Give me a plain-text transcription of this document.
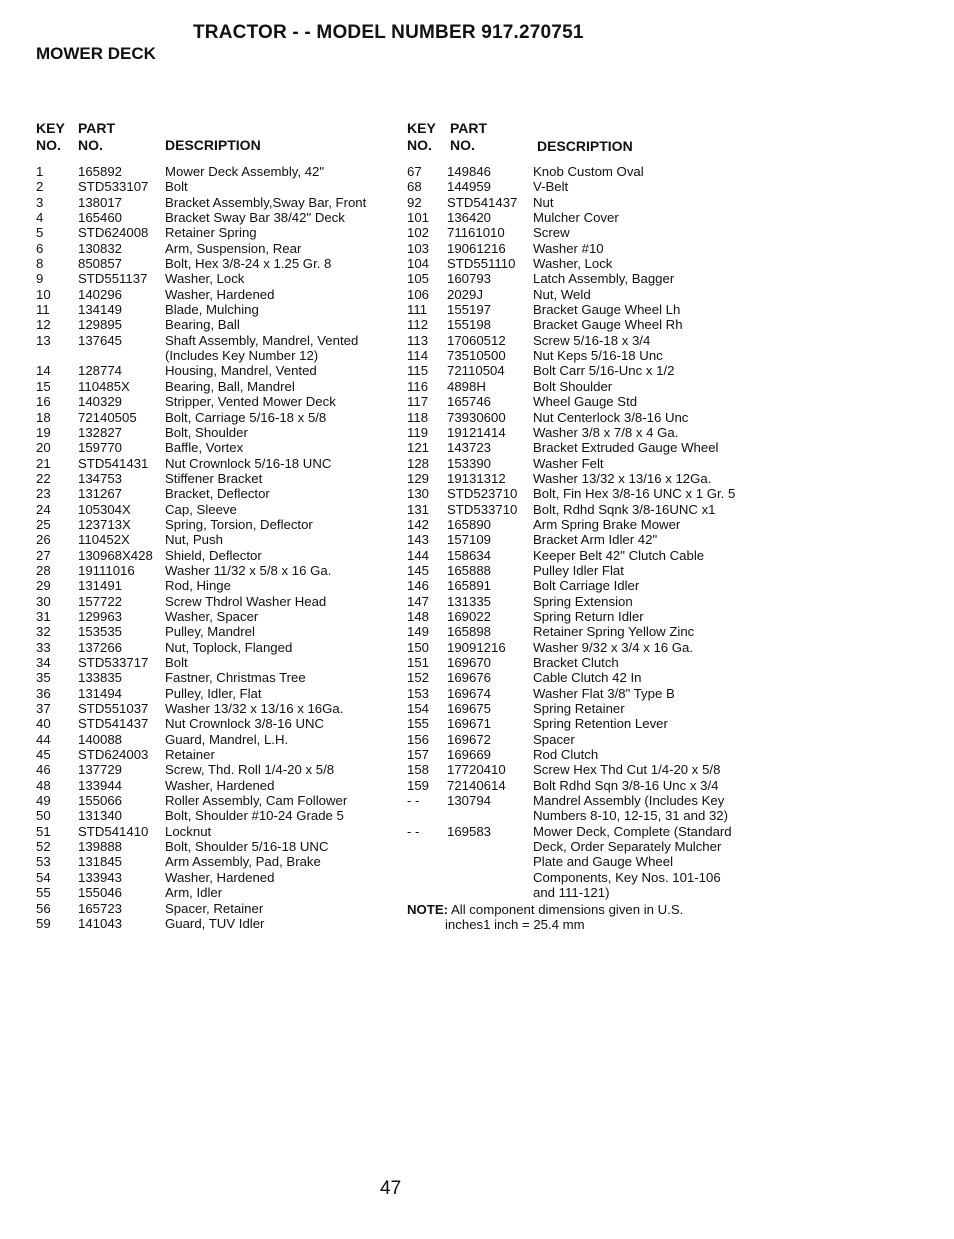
TRACTOR - - MODEL NUMBER 917.270751
MOWER DECK
KEY
NO.
PART
NO.	DESCRIPTION
KEY
NO.
PART
NO.	DESCRIPTION
1	165892	Mower Deck Assembly, 42"
2	STD533107 Bolt
3	138017	Bracket Assembly,Sway Bar, Front
4	165460	Bracket Sway Bar 38/42" Deck
5	STD624008 Retainer Spring
6	130832	Arm, Suspension, Rear
8	850857	Bolt, Hex 3/8-24 x 1.25 Gr. 8
9	STD551137 Washer, Lock
10 140296	Washer, Hardened
11 134149	Blade, Mulching
12 129895	Bearing, Ball
13 137645	Shaft Assembly, Mandrel, Vented
(Includes Key Number 12)
14 128774	Housing, Mandrel, Vented
15 110485X	Bearing, Ball, Mandrel
16 140329	Stripper, Vented Mower Deck
18 72140505 Bolt, Carriage 5/16-18 x 5/8
19 132827	Bolt, Shoulder
20 159770	Baffle, Vortex
21 STD541431 Nut Crownlock 5/16-18 UNC
22 134753	Stiffener Bracket
23 131267	Bracket, Deflector
24 105304X	Cap, Sleeve
25 123713X	Spring, Torsion, Deflector
26 110452X	Nut, Push
27 130968X428 Shield, Deflector
28 19111016 Washer 11/32 x 5/8 x 16 Ga.
29 131491	Rod, Hinge
30 157722	Screw Thdrol Washer Head
31 129963	Washer, Spacer
32 153535	Pulley, Mandrel
33 137266	Nut, Toplock, Flanged
34 STD533717 Bolt
35 133835	Fastner, Christmas Tree
36 131494	Pulley, Idler, Flat
37 STD551037 Washer 13/32 x 13/16 x 16Ga.
40 STD541437 Nut Crownlock 3/8-16 UNC
44 140088	Guard, Mandrel, L.H.
45 STD624003 Retainer
46 137729	Screw, Thd. Roll 1/4-20 x 5/8
48 133944	Washer, Hardened
49 155066	Roller Assembly, Cam Follower
50 131340	Bolt, Shoulder #10-24 Grade 5
51 STD541410 Locknut
52 139888	Bolt, Shoulder 5/16-18 UNC
53 131845	Arm Assembly, Pad, Brake
54 133943	Washer, Hardened
55 155046	Arm, Idler
56 165723	Spacer, Retainer
59 141043	Guard, TUV Idler
67 149846	Knob Custom Oval
68 144959	V-Belt
92 STD541437 Nut
101 136420	Mulcher Cover
102 71161010 Screw
103 19061216 Washer #10
104 STD551110 Washer, Lock
105 160793	Latch Assembly, Bagger
106 2029J	Nut, Weld
111 155197	Bracket Gauge Wheel Lh
112 155198	Bracket Gauge Wheel Rh
113 17060512 Screw 5/16-18 x 3/4
114 73510500 Nut Keps 5/16-18 Unc
115 72110504 Bolt Carr 5/16-Unc x 1/2
116 4898H	Bolt Shoulder
117 165746	Wheel Gauge Std
118 73930600 Nut Centerlock 3/8-16 Unc
119 19121414 Washer 3/8 x 7/8 x 4 Ga.
121 143723	Bracket Extruded Gauge Wheel
128 153390	Washer Felt
129 19131312 Washer 13/32 x 13/16 x 12Ga.
130 STD523710 Bolt, Fin Hex 3/8-16 UNC x 1 Gr. 5
131 STD533710 Bolt, Rdhd Sqnk 3/8-16UNC x1
142 165890	Arm Spring Brake Mower
143 157109	Bracket Arm Idler 42"
144 158634	Keeper Belt 42" Clutch Cable
145 165888	Pulley Idler Flat
146 165891	Bolt Carriage Idler
147 131335	Spring Extension
148 169022	Spring Return Idler
149 165898	Retainer Spring Yellow Zinc
150 19091216 Washer 9/32 x 3/4 x 16 Ga.
151 169670	Bracket Clutch
152 169676	Cable Clutch 42 In
153 169674	Washer Flat 3/8" Type B
154 169675	Spring Retainer
155 169671	Spring Retention Lever
156 169672	Spacer
157 169669	Rod Clutch
158 17720410 Screw Hex Thd Cut 1/4-20 x 5/8
159 72140614 Bolt Rdhd Sqn 3/8-16 Unc x 3/4
- - 130794	Mandrel Assembly (Includes Key
Numbers 8-10, 12-15, 31 and 32)
- - 169583	Mower Deck, Complete (Standard
Deck, Order Separately Mulcher
Plate and Gauge Wheel
Components, Key Nos. 101-106
and 111-121)
NOTE: All component dimensions given in U.S.
inches1 inch = 25.4 mm
47
